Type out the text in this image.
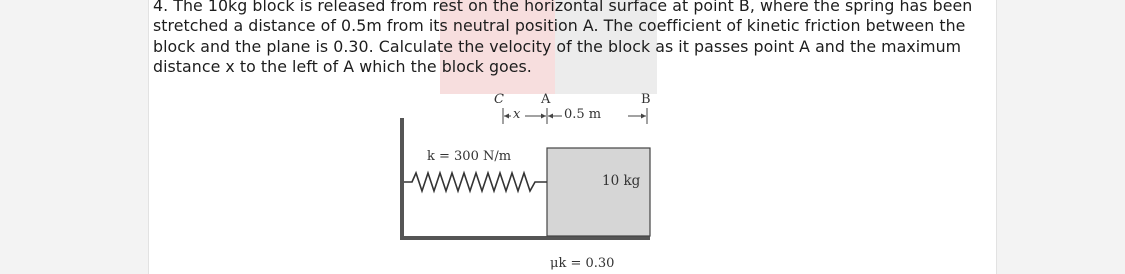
4. The 10kg block is released from rest on the horizontal surface at point B, where the spring has been stretched a distance of 0.5m from its neutral position A. The coefficient of kinetic friction between the block and the plane is 0.30. Calculate the velocity of the block as it passes point A and the maximum distance x to the left of A which the block goes.

C	A	B
x	0.5 m
k = 300 N/m
10 kg
μk = 0.30
